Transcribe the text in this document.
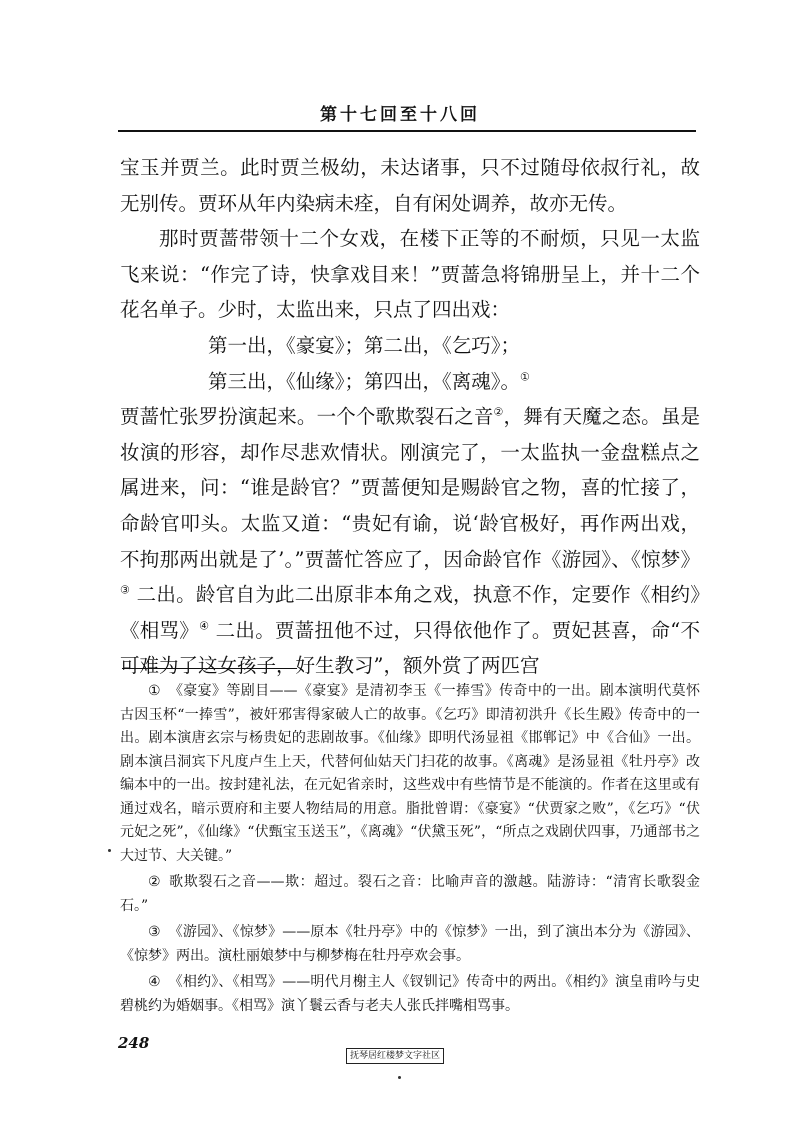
第十七回至十八回

宝玉并贾兰。此时贾兰极幼，未达诸事，只不过随母依叔行礼，故无别传。贾环从年内染病未痊，自有闲处调养，故亦无传。

那时贾蔷带领十二个女戏，在楼下正等的不耐烦，只见一太监飞来说：“作完了诗，快拿戏目来！”贾蔷急将锦册呈上，并十二个花名单子。少时，太监出来，只点了四出戏：

第一出，《豪宴》；第二出，《乞巧》；

第三出，《仙缘》；第四出，《离魂》。①

贾蔷忙张罗扮演起来。一个个歌欺裂石之音②，舞有天魔之态。虽是妆演的形容，却作尽悲欢情状。刚演完了，一太监执一金盘糕点之属进来，问：“谁是龄官？”贾蔷便知是赐龄官之物，喜的忙接了，命龄官叩头。太监又道：“贵妃有谕，说‘龄官极好，再作两出戏，不拘那两出就是了’。”贾蔷忙答应了，因命龄官作《游园》、《惊梦》③ 二出。龄官自为此二出原非本角之戏，执意不作，定要作《相约》《相骂》④ 二出。贾蔷扭他不过，只得依他作了。贾妃甚喜，命“不可难为了这女孩子，好生教习”，额外赏了两匹宫

① 《豪宴》等剧目——《豪宴》是清初李玉《一捧雪》传奇中的一出。剧本演明代莫怀古因玉杯“一捧雪”，被奸邪害得家破人亡的故事。《乞巧》即清初洪升《长生殿》传奇中的一出。剧本演唐玄宗与杨贵妃的悲剧故事。《仙缘》即明代汤显祖《邯郸记》中《合仙》一出。剧本演吕洞宾下凡度卢生上天，代替何仙姑天门扫花的故事。《离魂》是汤显祖《牡丹亭》改编本中的一出。按封建礼法，在元妃省亲时，这些戏中有些情节是不能演的。作者在这里或有通过戏名，暗示贾府和主要人物结局的用意。脂批曾谓：《豪宴》“伏贾家之败”，《乞巧》“伏元妃之死”，《仙缘》“伏甄宝玉送玉”，《离魂》“伏黛玉死”，“所点之戏剧伏四事，乃通部书之大过节、大关键。”

② 歌欺裂石之音——欺：超过。裂石之音：比喻声音的激越。陆游诗：“清宵长歌裂金石。”

③ 《游园》、《惊梦》——原本《牡丹亭》中的《惊梦》一出，到了演出本分为《游园》、《惊梦》两出。演杜丽娘梦中与柳梦梅在牡丹亭欢会事。

④ 《相约》、《相骂》——明代月榭主人《钗钏记》传奇中的两出。《相约》演皇甫吟与史碧桃约为婚姻事。《相骂》演丫鬟云香与老夫人张氏拌嘴相骂事。

248
抚琴居红楼梦文字社区
